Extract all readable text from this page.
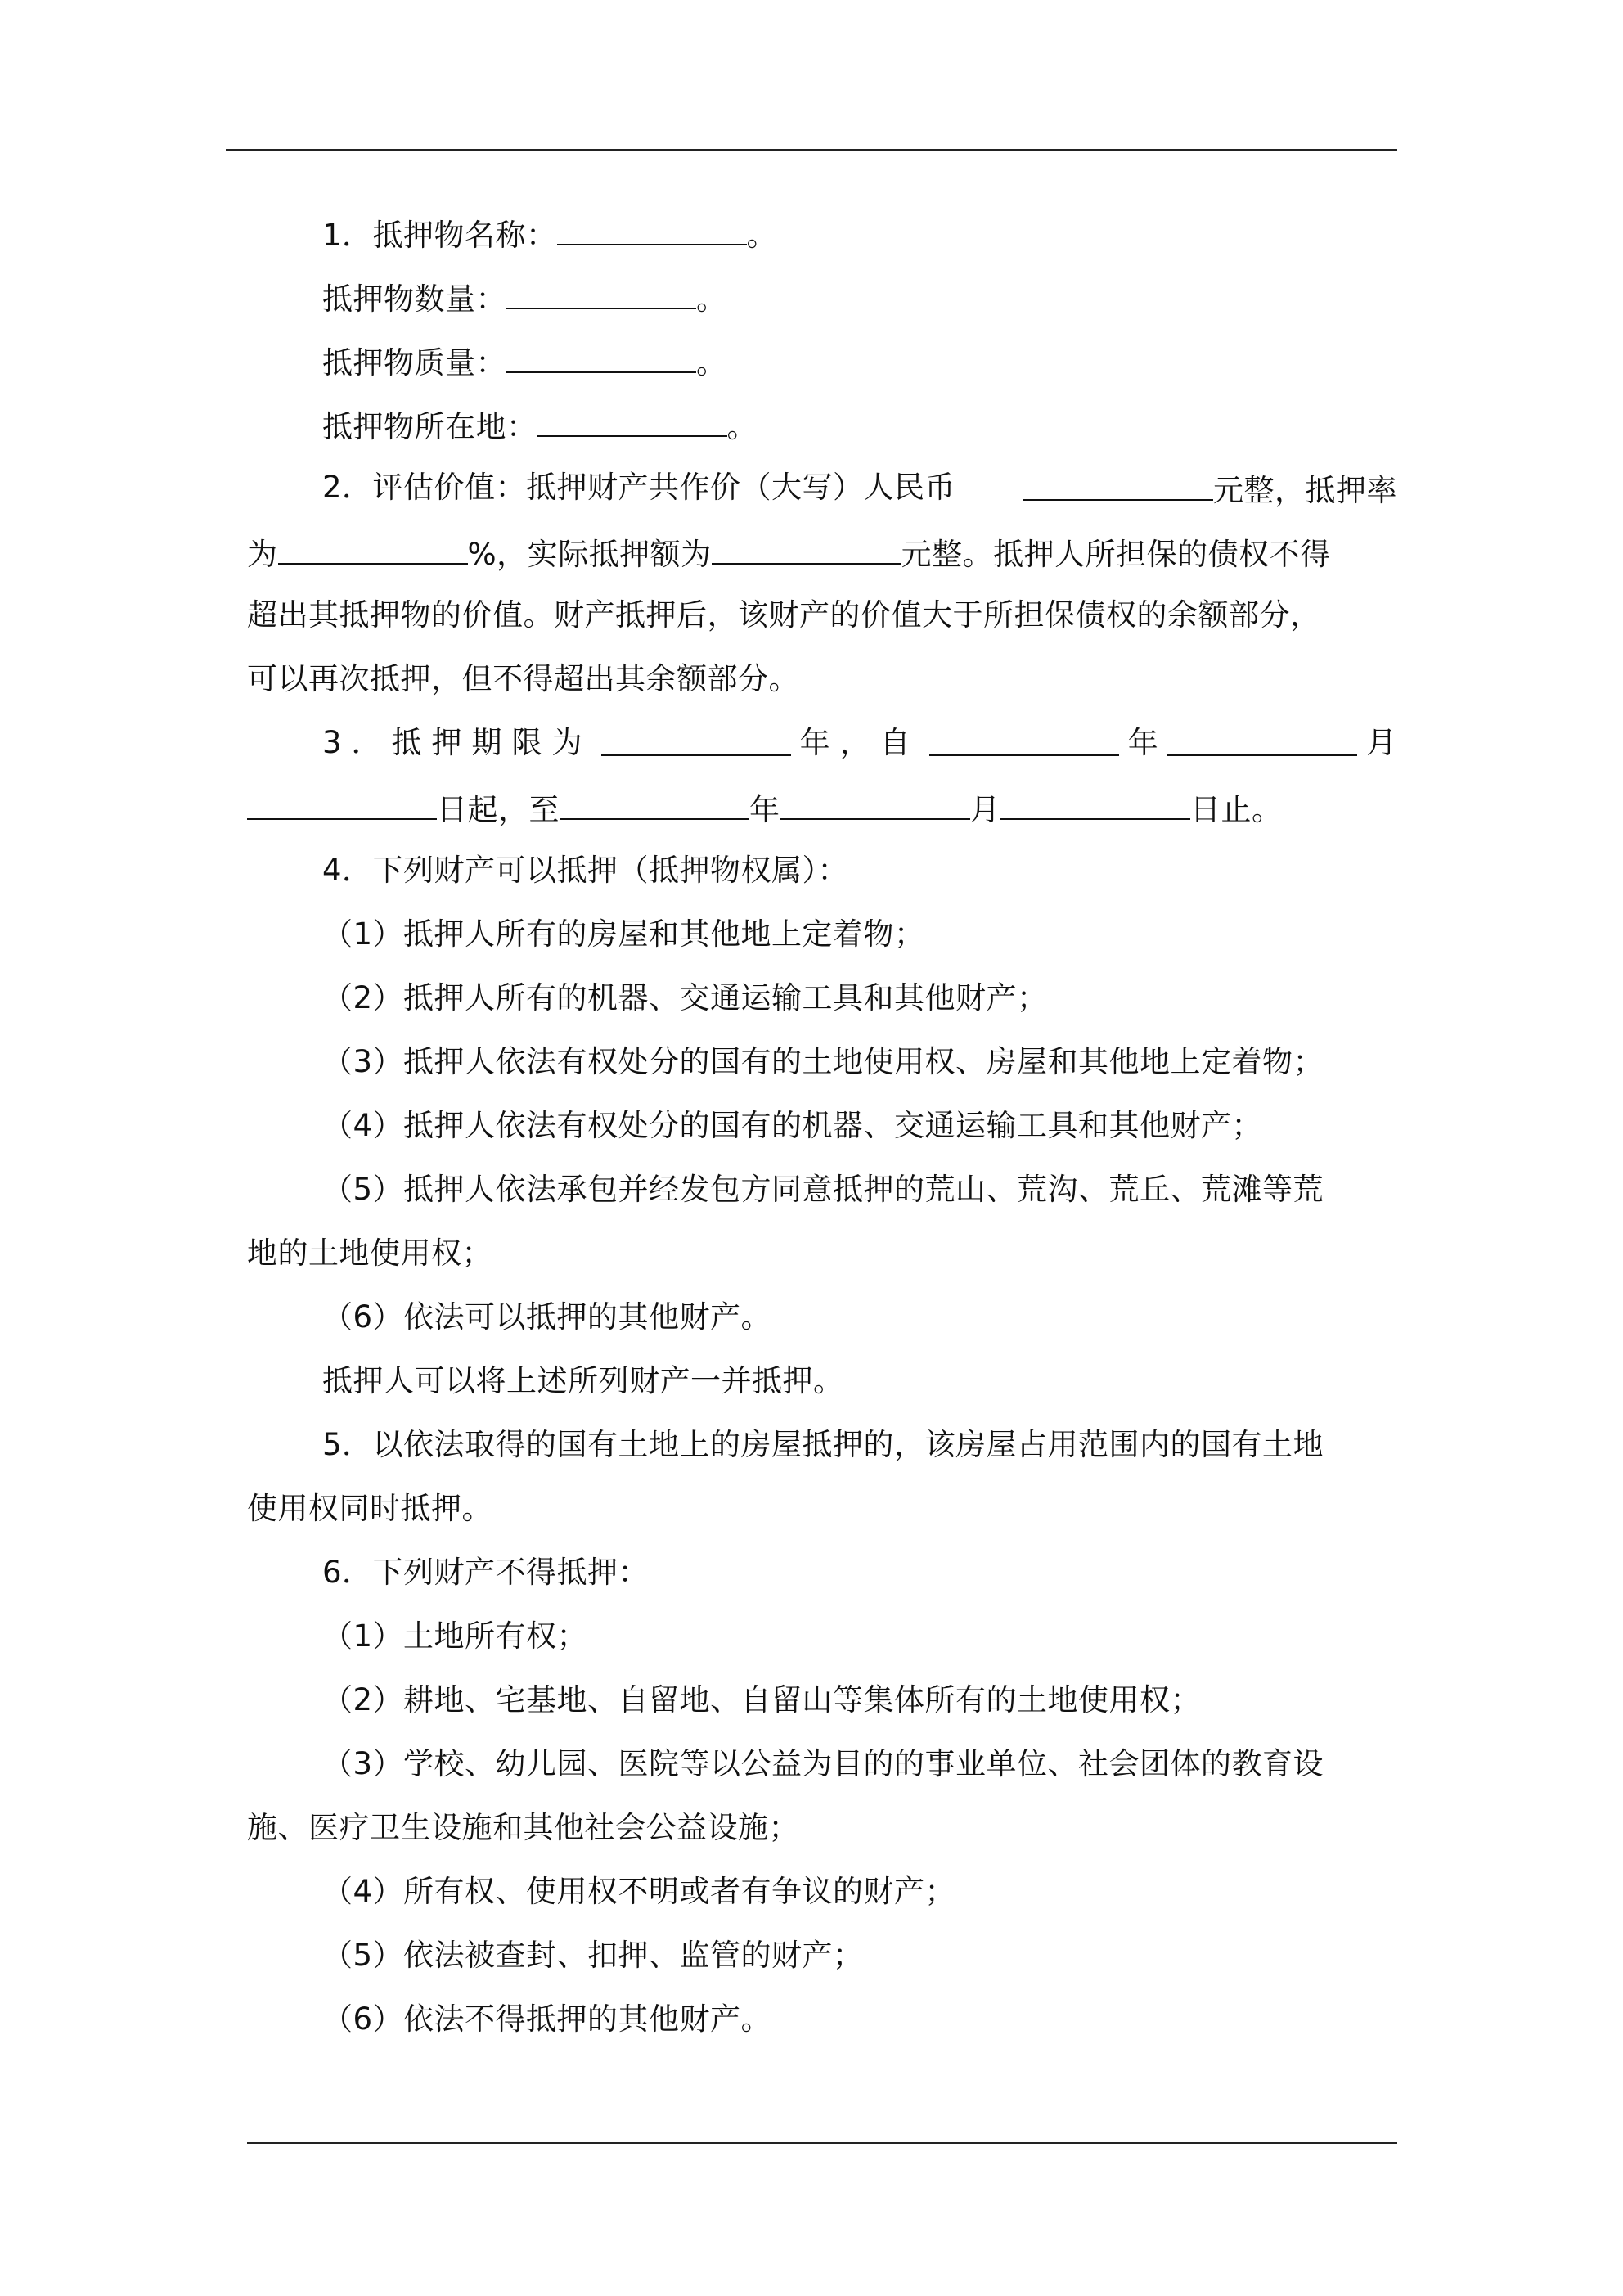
1．抵押物名称：	。
抵押物数量：	。
抵押物质量：	。
抵押物所在地：	。
2．评估价值：抵押财产共作价（大写）人民币	元整，抵押率
为	%，实际抵押额为	元整。抵押人所担保的债权不得
超出其抵押物的价值。财产抵押后，该财产的价值大于所担保债权的余额部分，
可以再次抵押，但不得超出其余额部分。
3．抵押期限为	年，自	年	月
日起，至	年	月	日止。
4．下列财产可以抵押（抵押物权属）：
（1）抵押人所有的房屋和其他地上定着物；
（2）抵押人所有的机器、交通运输工具和其他财产；
（3）抵押人依法有权处分的国有的土地使用权、房屋和其他地上定着物；
（4）抵押人依法有权处分的国有的机器、交通运输工具和其他财产；
（5）抵押人依法承包并经发包方同意抵押的荒山、荒沟、荒丘、荒滩等荒
地的土地使用权；
（6）依法可以抵押的其他财产。
抵押人可以将上述所列财产一并抵押。
5．以依法取得的国有土地上的房屋抵押的，该房屋占用范围内的国有土地
使用权同时抵押。
6．下列财产不得抵押：
（1）土地所有权；
（2）耕地、宅基地、自留地、自留山等集体所有的土地使用权；
（3）学校、幼儿园、医院等以公益为目的的事业单位、社会团体的教育设
施、医疗卫生设施和其他社会公益设施；
（4）所有权、使用权不明或者有争议的财产；
（5）依法被查封、扣押、监管的财产；
（6）依法不得抵押的其他财产。
